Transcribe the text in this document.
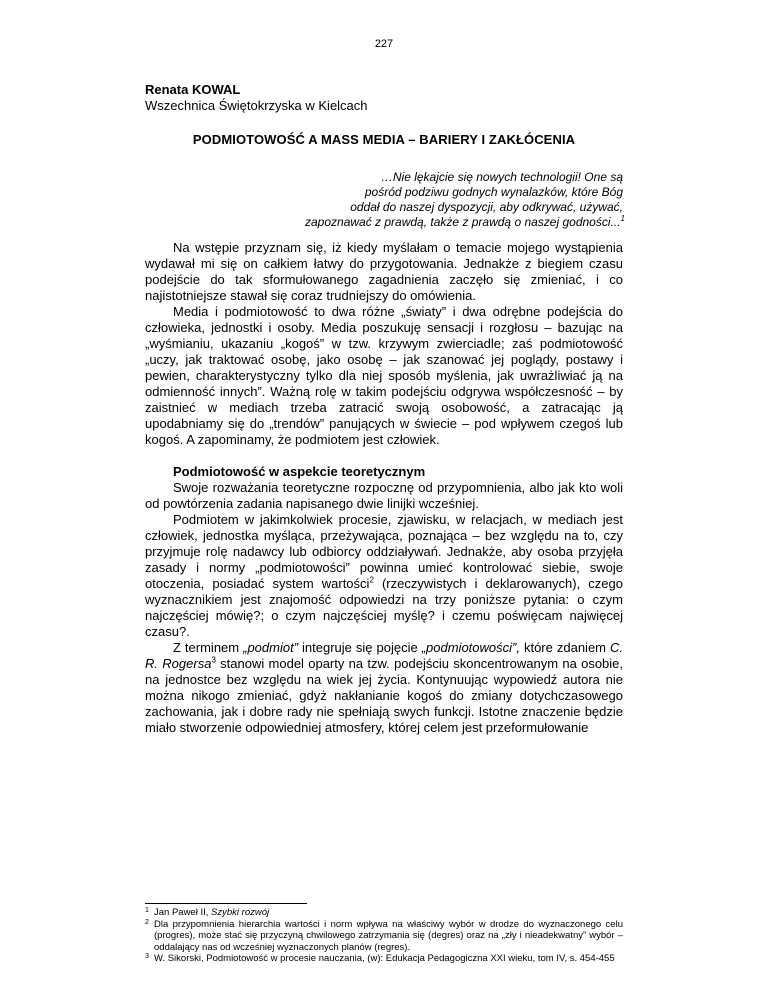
227
Renata KOWAL
Wszechnica Świętokrzyska w Kielcach
PODMIOTOWOŚĆ A MASS MEDIA – BARIERY I ZAKŁÓCENIA
…Nie lękajcie się nowych technologii! One są
pośród podziwu godnych wynalazków, które Bóg
oddał do naszej dyspozycji, aby odkrywać, używać,
zapoznawać z prawdą, także z prawdą o naszej godności...$^1$

Na wstępie przyznam się, iż kiedy myślałam o temacie mojego wystąpienia wydawał mi się on całkiem łatwy do przygotowania. Jednakże z biegiem czasu podejście do tak sformułowanego zagadnienia zaczęło się zmieniać, i co najistotniejsze stawał się coraz trudniejszy do omówienia.

Media i podmiotowość to dwa różne „światy” i dwa odrębne podejścia do człowieka, jednostki i osoby. Media poszukuję sensacji i rozgłosu – bazując na „wyśmianiu, ukazaniu „kogoś” w tzw. krzywym zwierciadle; zaś podmiotowość „uczy, jak traktować osobę, jako osobę – jak szanować jej poglądy, postawy i pewien, charakterystyczny tylko dla niej sposób myślenia, jak uwrażliwiać ją na odmienność innych”. Ważną rolę w takim podejściu odgrywa współczesność – by zaistnieć w mediach trzeba zatracić swoją osobowość, a zatracając ją upodabniamy się do „trendów” panujących w świecie – pod wpływem czegoś lub kogoś. A zapominamy, że podmiotem jest człowiek.

Podmiotowość w aspekcie teoretycznym

Swoje rozważania teoretyczne rozpocznę od przypomnienia, albo jak kto woli od powtórzenia zadania napisanego dwie linijki wcześniej.

Podmiotem w jakimkolwiek procesie, zjawisku, w relacjach, w mediach jest człowiek, jednostka myśląca, przeżywająca, poznająca – bez względu na to, czy przyjmuje rolę nadawcy lub odbiorcy oddziaływań. Jednakże, aby osoba przyjęła zasady i normy „podmiotowości” powinna umieć kontrolować siebie, swoje otoczenia, posiadać system wartości$^2$ (rzeczywistych i deklarowanych), czego wyznacznikiem jest znajomość odpowiedzi na trzy poniższe pytania: o czym najczęściej mówię?; o czym najczęściej myślę? i czemu poświęcam najwięcej czasu?.

Z terminem „podmiot” integruje się pojęcie „podmiotowości”, które zdaniem C. R. Rogersa$^3$ stanowi model oparty na tzw. podejściu skoncentrowanym na osobie, na jednostce bez względu na wiek jej życia. Kontynuując wypowiedź autora nie można nikogo zmieniać, gdyż nakłanianie kogoś do zmiany dotychczasowego zachowania, jak i dobre rady nie spełniają swych funkcji. Istotne znaczenie będzie miało stworzenie odpowiedniej atmosfery, której celem jest przeformułowanie

1 Jan Paweł II, Szybki rozwój
2 Dla przypomnienia hierarchia wartości i norm wpływa na właściwy wybór w drodze do wyznaczonego celu (progres), może stać się przyczyną chwilowego zatrzymania się (degres) oraz na „zły i nieadekwatny” wybór – oddalający nas od wcześniej wyznaczonych planów (regres).
3 W. Sikorski, Podmiotowość w procesie nauczania, (w): Edukacja Pedagogiczna XXI wieku, tom IV, s. 454-455
